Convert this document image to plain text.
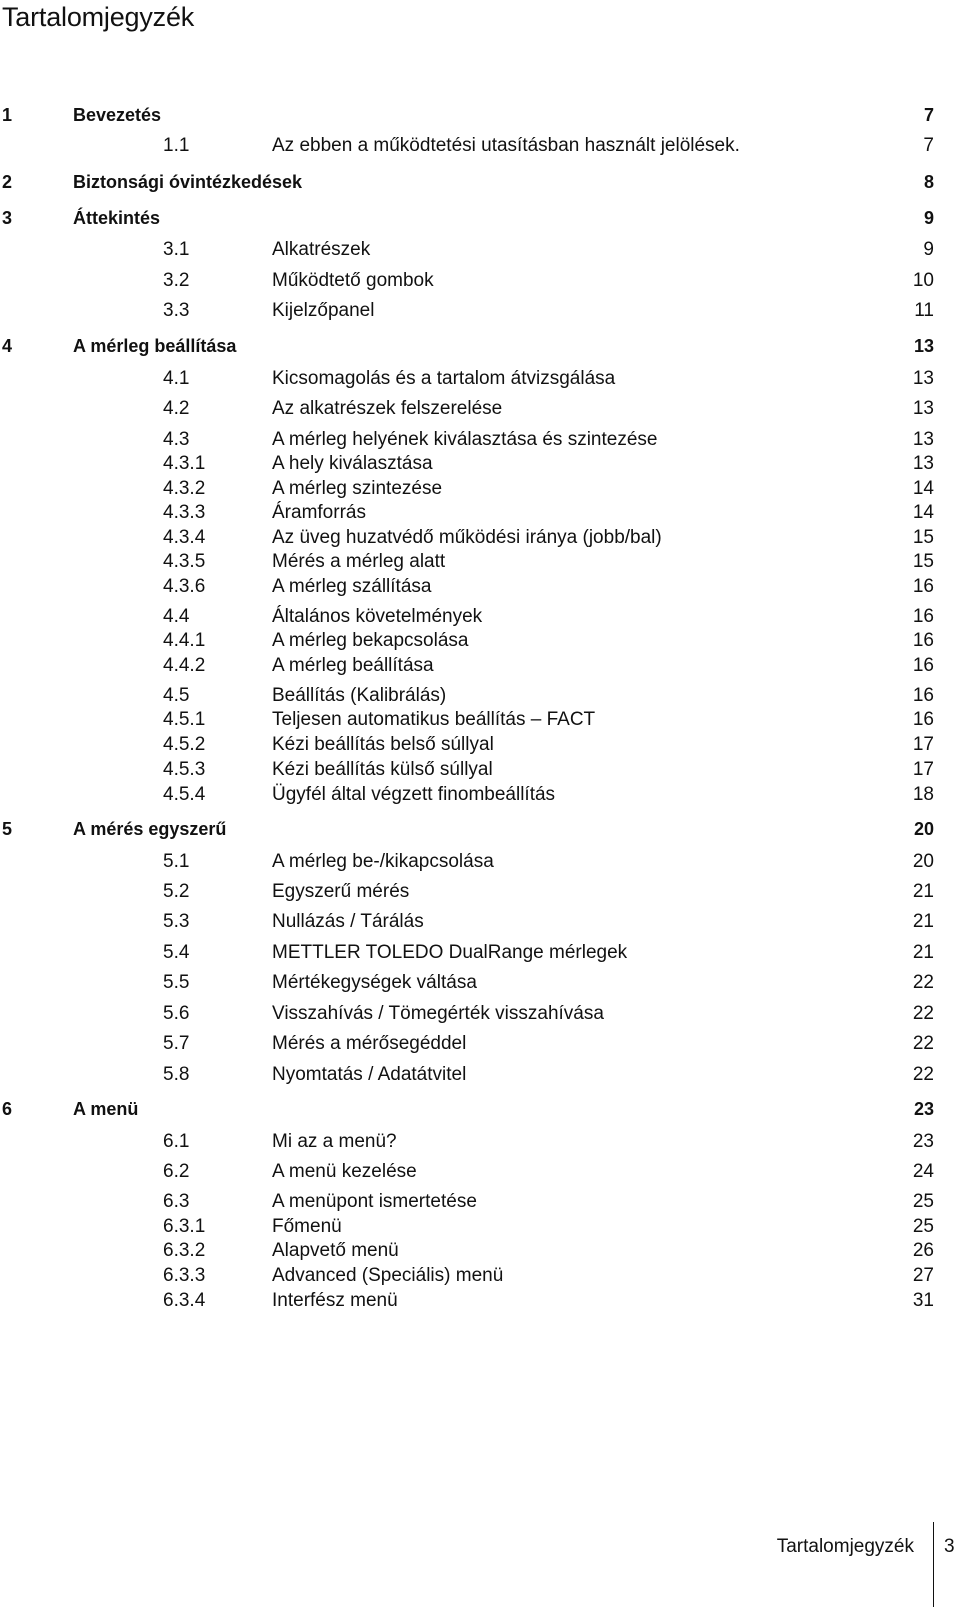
Tartalomjegyzék
1	Bevezetés	7
1.1	Az ebben a működtetési utasításban használt jelölések.	7
2	Biztonsági óvintézkedések	8
3	Áttekintés	9
3.1	Alkatrészek	9
3.2	Működtető gombok	10
3.3	Kijelzőpanel	11
4	A mérleg beállítása	13
4.1	Kicsomagolás és a tartalom átvizsgálása	13
4.2	Az alkatrészek felszerelése	13
4.3	A mérleg helyének kiválasztása és szintezése	13
4.3.1	A hely kiválasztása	13
4.3.2	A mérleg szintezése	14
4.3.3	Áramforrás	14
4.3.4	Az üveg huzatvédő működési iránya (jobb/bal)	15
4.3.5	Mérés a mérleg alatt	15
4.3.6	A mérleg szállítása	16
4.4	Általános követelmények	16
4.4.1	A mérleg bekapcsolása	16
4.4.2	A mérleg beállítása	16
4.5	Beállítás (Kalibrálás)	16
4.5.1	Teljesen automatikus beállítás – FACT	16
4.5.2	Kézi beállítás belső súllyal	17
4.5.3	Kézi beállítás külső súllyal	17
4.5.4	Ügyfél által végzett finombeállítás	18
5	A mérés egyszerű	20
5.1	A mérleg be-/kikapcsolása	20
5.2	Egyszerű mérés	21
5.3	Nullázás / Tárálás	21
5.4	METTLER TOLEDO DualRange mérlegek	21
5.5	Mértékegységek váltása	22
5.6	Visszahívás / Tömegérték visszahívása	22
5.7	Mérés a mérősegéddel	22
5.8	Nyomtatás / Adatátvitel	22
6	A menü	23
6.1	Mi az a menü?	23
6.2	A menü kezelése	24
6.3	A menüpont ismertetése	25
6.3.1	Főmenü	25
6.3.2	Alapvető menü	26
6.3.3	Advanced (Speciális) menü	27
6.3.4	Interfész menü	31
Tartalomjegyzék 3
